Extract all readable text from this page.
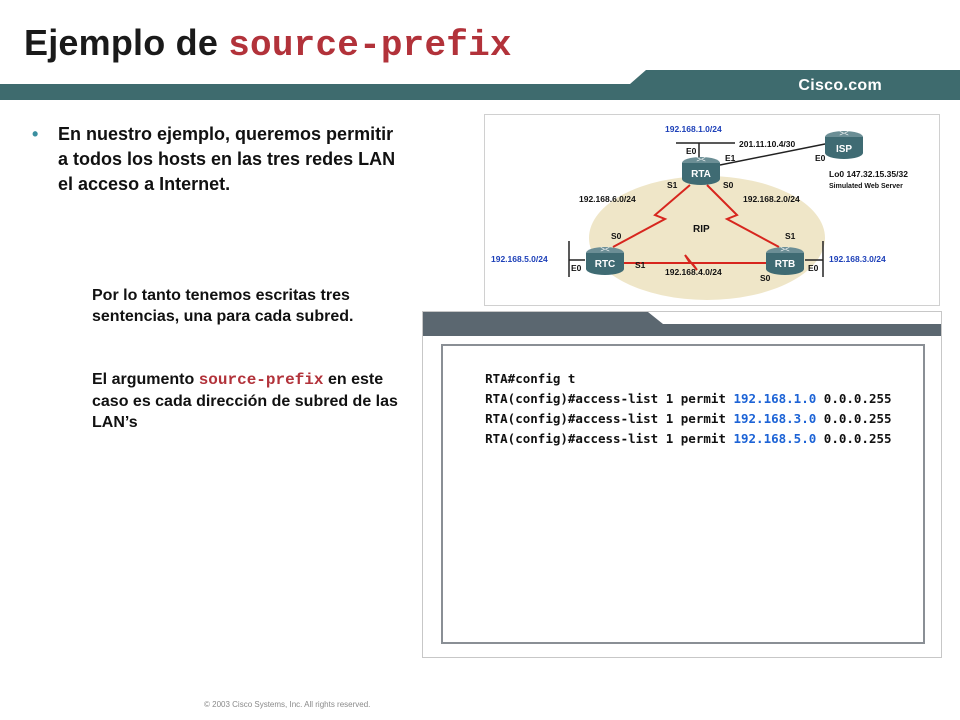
Ejemplo de source-prefix
Cisco.com
• En nuestro ejemplo, queremos permitir a todos los hosts en las tres redes LAN el acceso a Internet.
Por lo tanto tenemos escritas tres sentencias, una para cada subred.
El argumento source-prefix en este caso es cada dirección de subred de las LAN’s
><
RTA
><
ISP
><
RTC
><
RTB
192.168.1.0/24
E0
E1
S1	S0
201.11.10.4/30
E0
Lo0 147.32.15.35/32
Simulated Web Server
192.168.6.0/24	192.168.2.0/24
RIP
S0
S1
E0
192.168.5.0/24
192.168.4.0/24
S1
S0
E0
192.168.3.0/24

RTA#config t

RTA(config)#access-list 1 permit 192.168.1.0 0.0.0.255

RTA(config)#access-list 1 permit 192.168.3.0 0.0.0.255

RTA(config)#access-list 1 permit 192.168.5.0 0.0.0.255

© 2003 Cisco Systems, Inc. All rights reserved.
